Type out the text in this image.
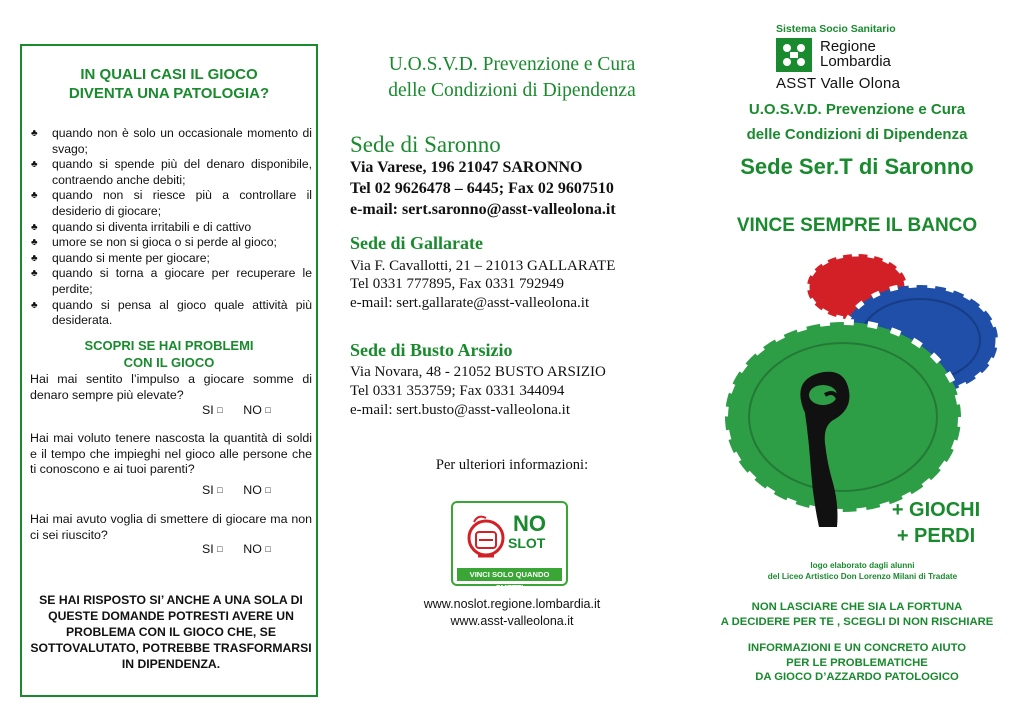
IN QUALI CASI IL GIOCO
DIVENTA UNA PATOLOGIA?
♣ quando non è solo un occasionale momento di svago;
♣ quando si spende più del denaro disponibile, contraendo anche debiti;
♣ quando non si riesce più a controllare il desiderio di giocare;
♣ quando si diventa irritabili e di cattivo
♣ umore se non si gioca o si perde al gioco;
♣ quando si mente per giocare;
♣ quando si torna a giocare per recuperare le perdite;
♣ quando si pensa al gioco quale attività più desiderata.
SCOPRI SE HAI PROBLEMI
CON IL GIOCO
Hai mai sentito l’impulso a giocare somme di denaro sempre più elevate?
SI □ NO □
Hai mai voluto tenere nascosta la quantità di soldi e il tempo che impieghi nel gioco alle persone che ti conoscono e ai tuoi parenti?
SI □ NO □
Hai mai avuto voglia di smettere di giocare ma non ci sei riuscito?
SI □ NO □
SE HAI RISPOSTO SI’ ANCHE A UNA SOLA DI QUESTE DOMANDE POTRESTI AVERE UN PROBLEMA CON IL GIOCO CHE, SE SOTTOVALUTATO, POTREBBE TRASFORMARSI IN DIPENDENZA.
U.O.S.V.D. Prevenzione e Cura
delle Condizioni di Dipendenza
Sede di Saronno
Via Varese, 196 21047 SARONNO
Tel 02 9626478 – 6445; Fax 02 9607510
e-mail: sert.saronno@asst-valleolona.it
Sede di Gallarate
Via F. Cavallotti, 21 – 21013 GALLARATE
Tel 0331 777895, Fax 0331 792949
e-mail: sert.gallarate@asst-valleolona.it
Sede di Busto Arsizio
Via Novara, 48 - 21052 BUSTO ARSIZIO
Tel 0331 353759; Fax 0331 344094
e-mail: sert.busto@asst-valleolona.it
Per ulteriori informazioni:
NO
SLOT
VINCI SOLO QUANDO SMETTI
www.noslot.regione.lombardia.it
www.asst-valleolona.it
Sistema Socio Sanitario
Regione
Lombardia
ASST Valle Olona
U.O.S.V.D. Prevenzione e Cura
delle Condizioni di Dipendenza
Sede Ser.T di Saronno
VINCE SEMPRE IL BANCO
+ GIOCHI
+ PERDI
logo elaborato dagli alunni
del Liceo Artistico Don Lorenzo Milani di Tradate
NON LASCIARE CHE SIA LA FORTUNA
A DECIDERE PER TE , SCEGLI DI NON RISCHIARE
INFORMAZIONI E UN CONCRETO AIUTO
PER LE PROBLEMATICHE
DA GIOCO D’AZZARDO PATOLOGICO
